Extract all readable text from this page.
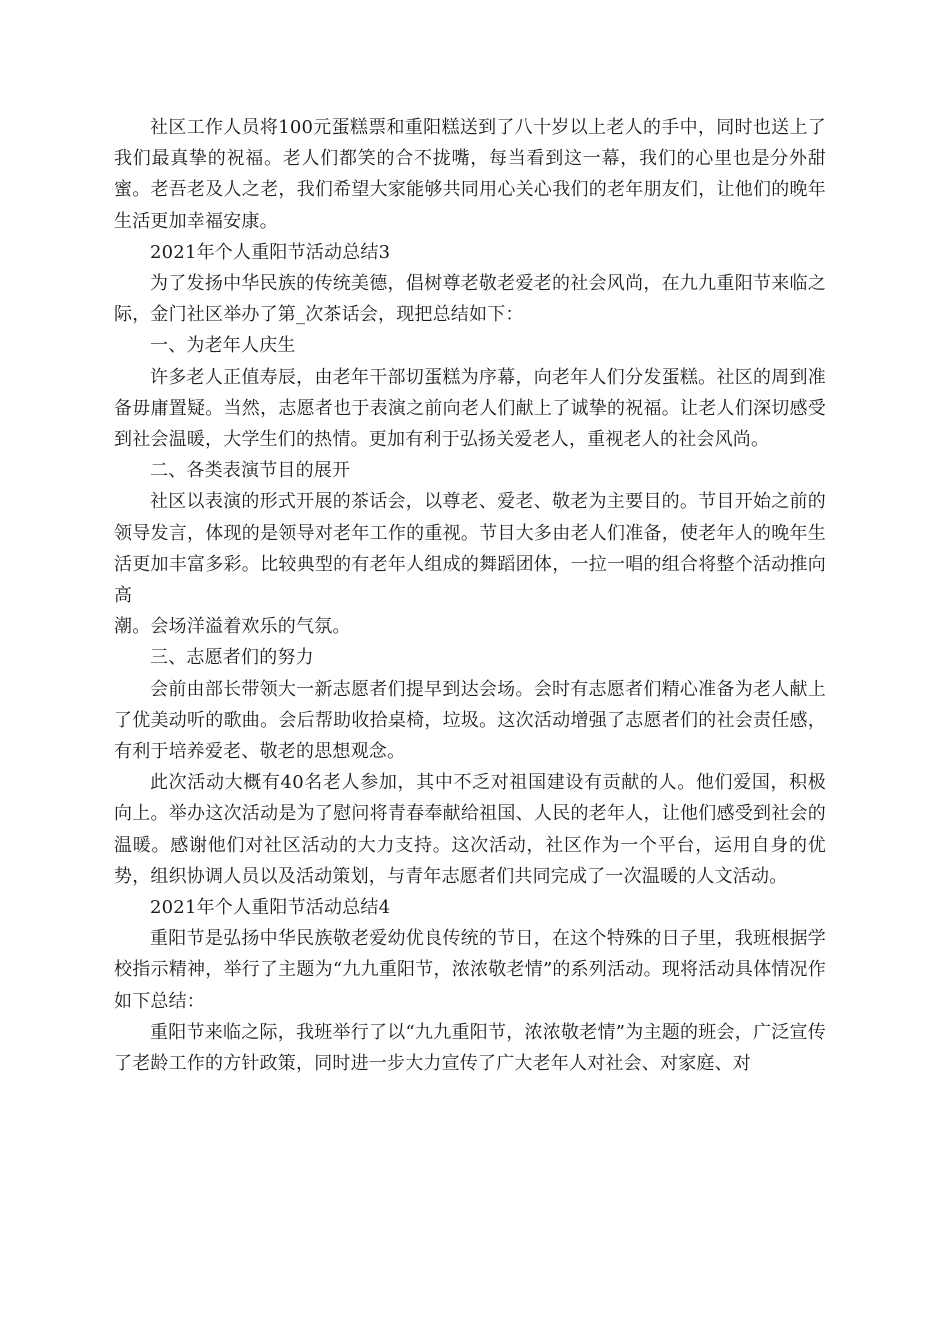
社区工作人员将100元蛋糕票和重阳糕送到了八十岁以上老人的手中，同时也送上了我们最真挚的祝福。老人们都笑的合不拢嘴，每当看到这一幕，我们的心里也是分外甜蜜。老吾老及人之老，我们希望大家能够共同用心关心我们的老年朋友们，让他们的晚年生活更加幸福安康。

2021年个人重阳节活动总结3

为了发扬中华民族的传统美德，倡树尊老敬老爱老的社会风尚，在九九重阳节来临之际，金门社区举办了第_次茶话会，现把总结如下：

一、为老年人庆生

许多老人正值寿辰，由老年干部切蛋糕为序幕，向老年人们分发蛋糕。社区的周到准备毋庸置疑。当然，志愿者也于表演之前向老人们献上了诚挚的祝福。让老人们深切感受到社会温暖，大学生们的热情。更加有利于弘扬关爱老人，重视老人的社会风尚。

二、各类表演节目的展开

社区以表演的形式开展的茶话会，以尊老、爱老、敬老为主要目的。节目开始之前的领导发言，体现的是领导对老年工作的重视。节目大多由老人们准备，使老年人的晚年生活更加丰富多彩。比较典型的有老年人组成的舞蹈团体，一拉一唱的组合将整个活动推向高

潮。会场洋溢着欢乐的气氛。

三、志愿者们的努力

会前由部长带领大一新志愿者们提早到达会场。会时有志愿者们精心准备为老人献上了优美动听的歌曲。会后帮助收拾桌椅，垃圾。这次活动增强了志愿者们的社会责任感，有利于培养爱老、敬老的思想观念。

此次活动大概有40名老人参加，其中不乏对祖国建设有贡献的人。他们爱国，积极向上。举办这次活动是为了慰问将青春奉献给祖国、人民的老年人，让他们感受到社会的温暖。感谢他们对社区活动的大力支持。这次活动，社区作为一个平台，运用自身的优势，组织协调人员以及活动策划，与青年志愿者们共同完成了一次温暖的人文活动。

2021年个人重阳节活动总结4

重阳节是弘扬中华民族敬老爱幼优良传统的节日，在这个特殊的日子里，我班根据学校指示精神，举行了主题为“九九重阳节，浓浓敬老情”的系列活动。现将活动具体情况作如下总结：

重阳节来临之际，我班举行了以“九九重阳节，浓浓敬老情”为主题的班会，广泛宣传了老龄工作的方针政策，同时进一步大力宣传了广大老年人对社会、对家庭、对
